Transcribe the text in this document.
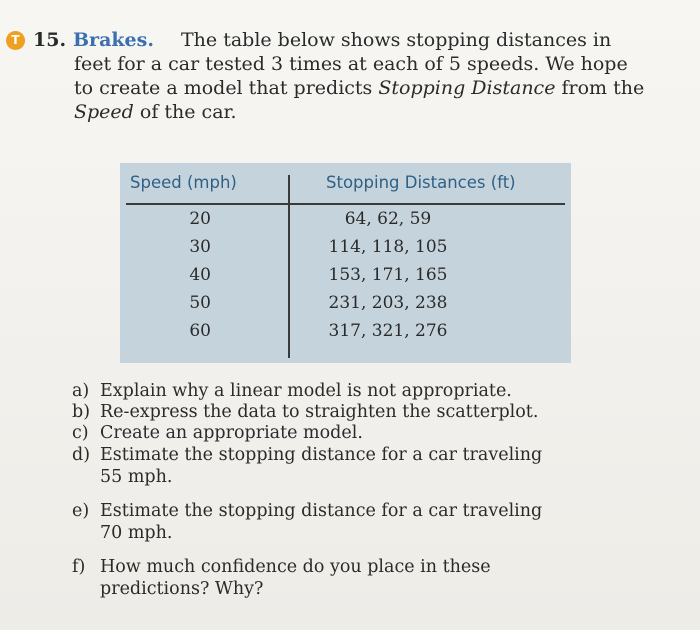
T 15. Brakes. The table below shows stopping distances in
feet for a car tested 3 times at each of 5 speeds. We hope
to create a model that predicts Stopping Distance from the
Speed of the car.
Speed (mph)	Stopping Distances (ft)
20	64, 62, 59
30	114, 118, 105
40	153, 171, 165
50	231, 203, 238
60	317, 321, 276
a) Explain why a linear model is not appropriate.
b) Re-express the data to straighten the scatterplot.
c) Create an appropriate model.
d) Estimate the stopping distance for a car traveling 55 mph.
e) Estimate the stopping distance for a car traveling 70 mph.
f) How much confidence do you place in these predictions? Why?
